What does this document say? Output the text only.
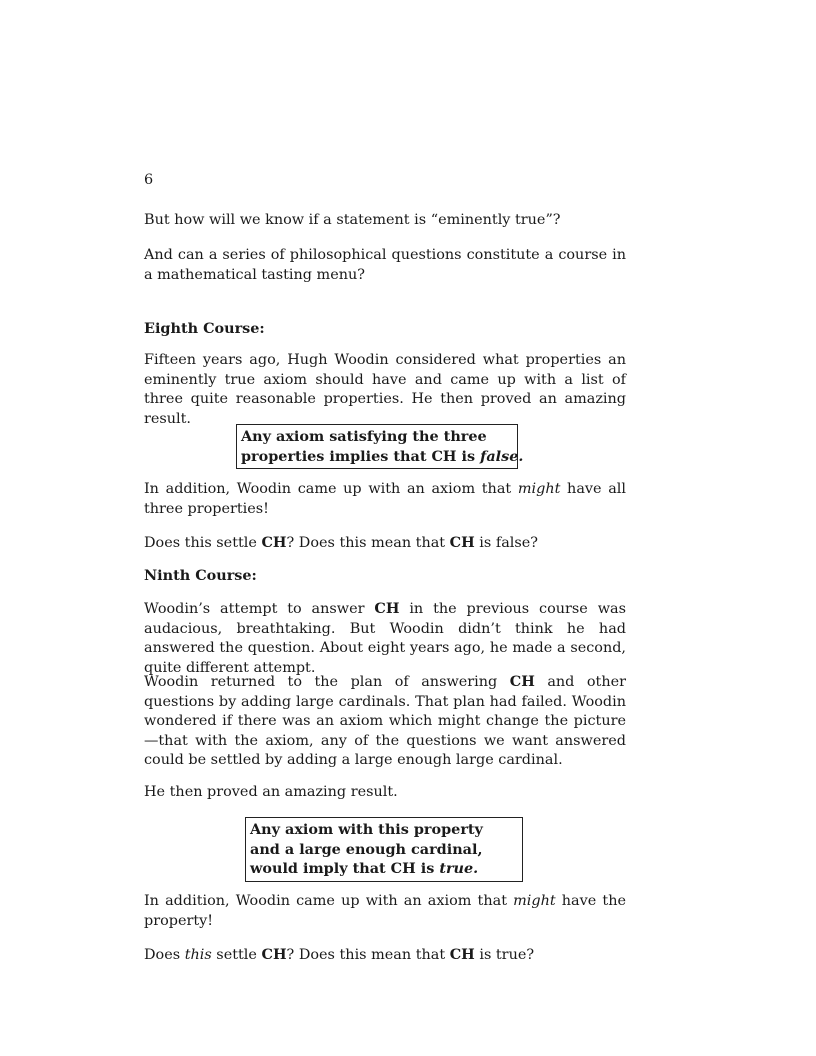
6

But how will we know if a statement is “eminently true”?

And can a series of philosophical questions constitute a course in a mathematical tasting menu?

Eighth Course:

Fifteen years ago, Hugh Woodin considered what properties an eminently true axiom should have and came up with a list of three quite reasonable properties. He then proved an amazing result.

Any axiom satisfying the three
properties implies that CH is false.

In addition, Woodin came up with an axiom that might have all three properties!

Does this settle CH? Does this mean that CH is false?

Ninth Course:

Woodin’s attempt to answer CH in the previous course was audacious, breathtaking. But Woodin didn’t think he had answered the question. About eight years ago, he made a second, quite different attempt.

Woodin returned to the plan of answering CH and other questions by adding large cardinals. That plan had failed. Woodin wondered if there was an axiom which might change the picture—that with the axiom, any of the questions we want answered could be settled by adding a large enough large cardinal.

He then proved an amazing result.

Any axiom with this property
and a large enough cardinal,
would imply that CH is true.

In addition, Woodin came up with an axiom that might have the property!

Does this settle CH? Does this mean that CH is true?
